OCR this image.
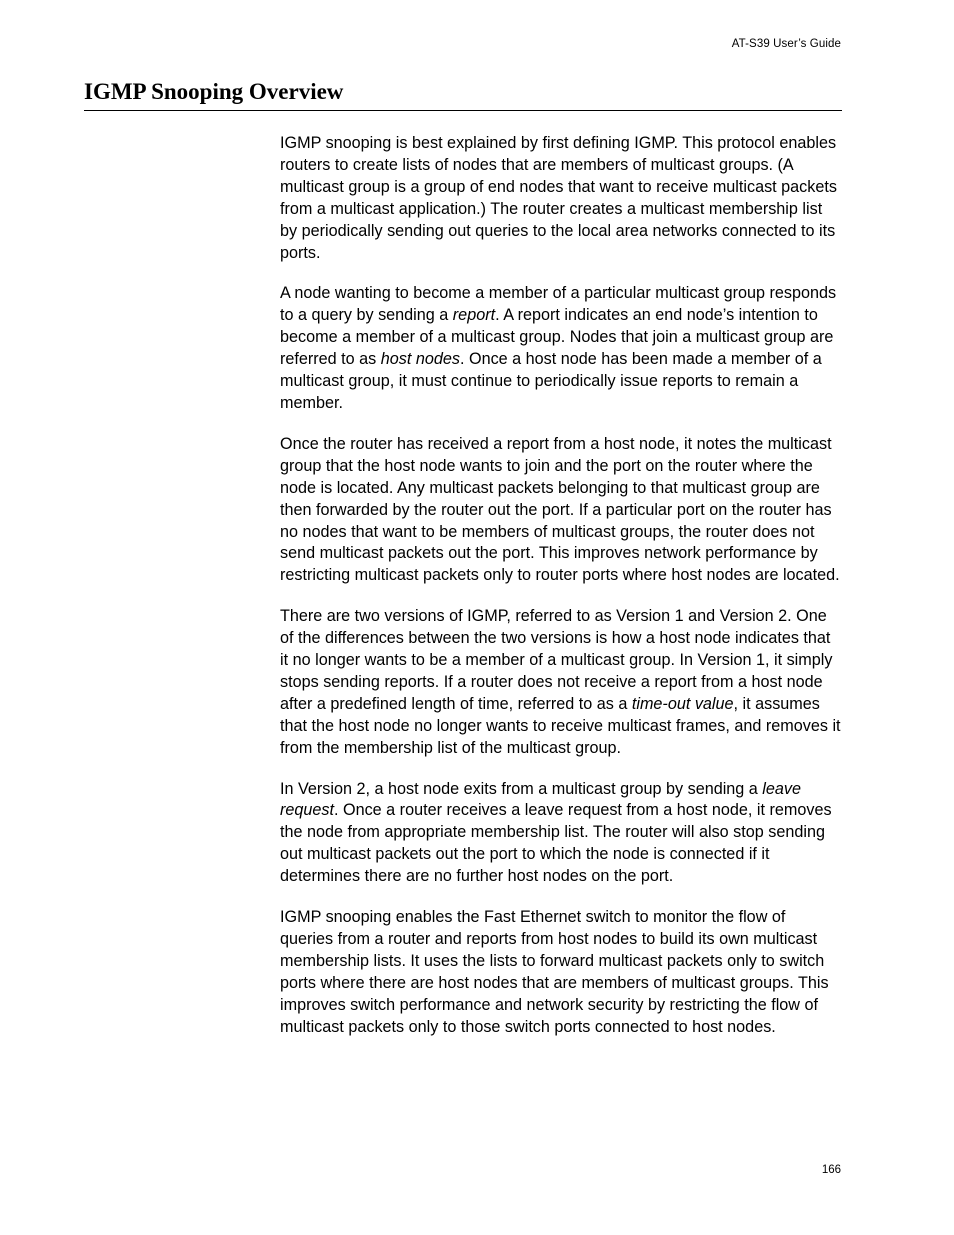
AT-S39 User’s Guide
IGMP Snooping Overview

IGMP snooping is best explained by first defining IGMP. This protocol enables routers to create lists of nodes that are members of multicast groups. (A multicast group is a group of end nodes that want to receive multicast packets from a multicast application.) The router creates a multicast membership list by periodically sending out queries to the local area networks connected to its ports.

A node wanting to become a member of a particular multicast group responds to a query by sending a report. A report indicates an end node’s intention to become a member of a multicast group. Nodes that join a multicast group are referred to as host nodes. Once a host node has been made a member of a multicast group, it must continue to periodically issue reports to remain a member.

Once the router has received a report from a host node, it notes the multicast group that the host node wants to join and the port on the router where the node is located. Any multicast packets belonging to that multicast group are then forwarded by the router out the port. If a particular port on the router has no nodes that want to be members of multicast groups, the router does not send multicast packets out the port. This improves network performance by restricting multicast packets only to router ports where host nodes are located.

There are two versions of IGMP, referred to as Version 1 and Version 2. One of the differences between the two versions is how a host node indicates that it no longer wants to be a member of a multicast group. In Version 1, it simply stops sending reports. If a router does not receive a report from a host node after a predefined length of time, referred to as a time-out value, it assumes that the host node no longer wants to receive multicast frames, and removes it from the membership list of the multicast group.

In Version 2, a host node exits from a multicast group by sending a leave request. Once a router receives a leave request from a host node, it removes the node from appropriate membership list. The router will also stop sending out multicast packets out the port to which the node is connected if it determines there are no further host nodes on the port.

IGMP snooping enables the Fast Ethernet switch to monitor the flow of queries from a router and reports from host nodes to build its own multicast membership lists. It uses the lists to forward multicast packets only to switch ports where there are host nodes that are members of multicast groups. This improves switch performance and network security by restricting the flow of multicast packets only to those switch ports connected to host nodes.

166
